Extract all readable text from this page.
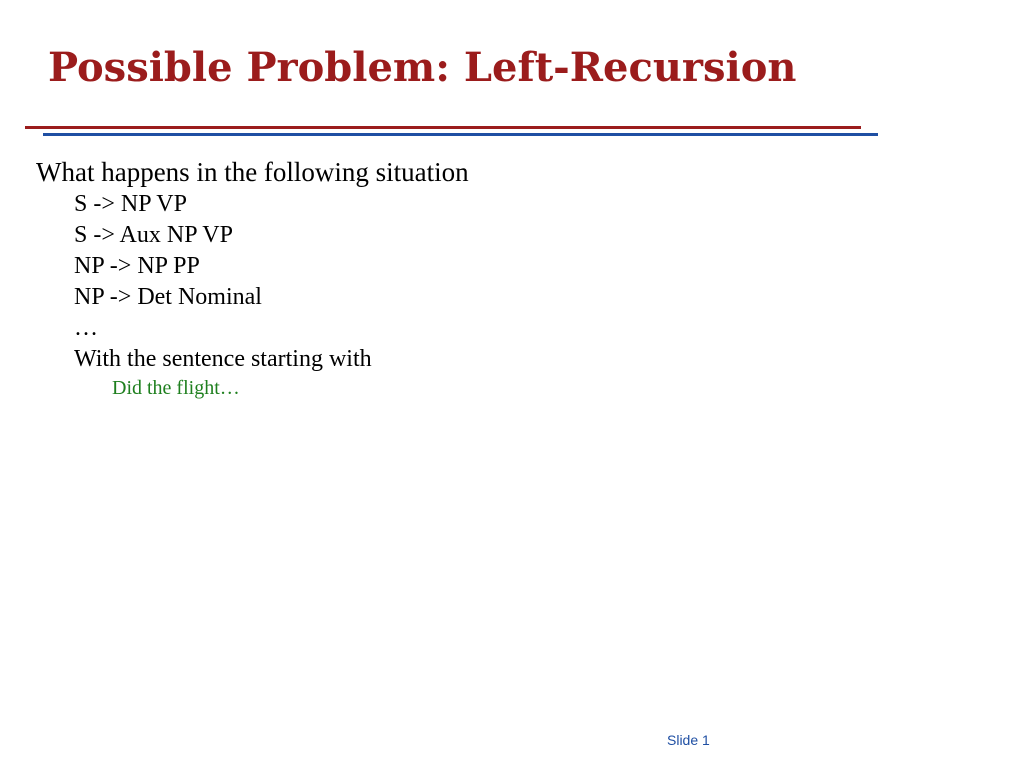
Possible Problem: Left-Recursion

What happens in the following situation

S -> NP VP

S -> Aux NP VP

NP -> NP PP

NP -> Det Nominal

…

With the sentence starting with

Did the flight…

Slide 1
